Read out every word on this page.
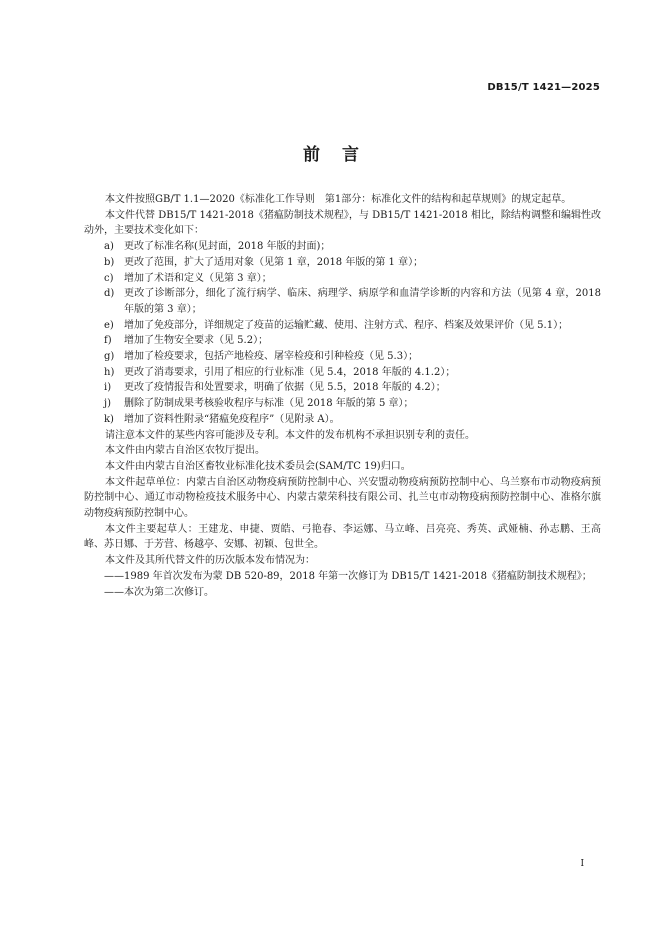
DB15/T 1421—2025
前言

本文件按照GB/T 1.1—2020《标准化工作导则　第1部分：标准化文件的结构和起草规则》的规定起草。

本文件代替 DB15/T 1421-2018《猪瘟防制技术规程》，与 DB15/T 1421-2018 相比，除结构调整和编辑性改动外，主要技术变化如下：

a) 更改了标准名称(见封面，2018 年版的封面)；

b) 更改了范围，扩大了适用对象（见第 1 章，2018 年版的第 1 章）；

c) 增加了术语和定义（见第 3 章）；

d) 更改了诊断部分，细化了流行病学、临床、病理学、病原学和血清学诊断的内容和方法（见第 4 章，2018 年版的第 3 章）；

e) 增加了免疫部分，详细规定了疫苗的运输贮藏、使用、注射方式、程序、档案及效果评价（见 5.1）；

f) 增加了生物安全要求（见 5.2）；

g) 增加了检疫要求，包括产地检疫、屠宰检疫和引种检疫（见 5.3）；

h) 更改了消毒要求，引用了相应的行业标准（见 5.4，2018 年版的 4.1.2）；

i) 更改了疫情报告和处置要求，明确了依据（见 5.5，2018 年版的 4.2）；

j) 删除了防制成果考核验收程序与标准（见 2018 年版的第 5 章）；

k) 增加了资料性附录“猪瘟免疫程序”（见附录 A）。

请注意本文件的某些内容可能涉及专利。本文件的发布机构不承担识别专利的责任。

本文件由内蒙古自治区农牧厅提出。

本文件由内蒙古自治区畜牧业标准化技术委员会(SAM/TC 19)归口。

本文件起草单位：内蒙古自治区动物疫病预防控制中心、兴安盟动物疫病预防控制中心、乌兰察布市动物疫病预防控制中心、通辽市动物检疫技术服务中心、内蒙古蒙荣科技有限公司、扎兰屯市动物疫病预防控制中心、准格尔旗动物疫病预防控制中心。

本文件主要起草人：王建龙、申捷、贾皓、弓艳春、李运娜、马立峰、吕亮亮、秀英、武娅楠、孙志鹏、王高峰、苏日娜、于芳营、杨越亭、安娜、初颖、包世全。

本文件及其所代替文件的历次版本发布情况为：

——1989 年首次发布为蒙 DB 520-89，2018 年第一次修订为 DB15/T 1421-2018《猪瘟防制技术规程》；

——本次为第二次修订。

I
